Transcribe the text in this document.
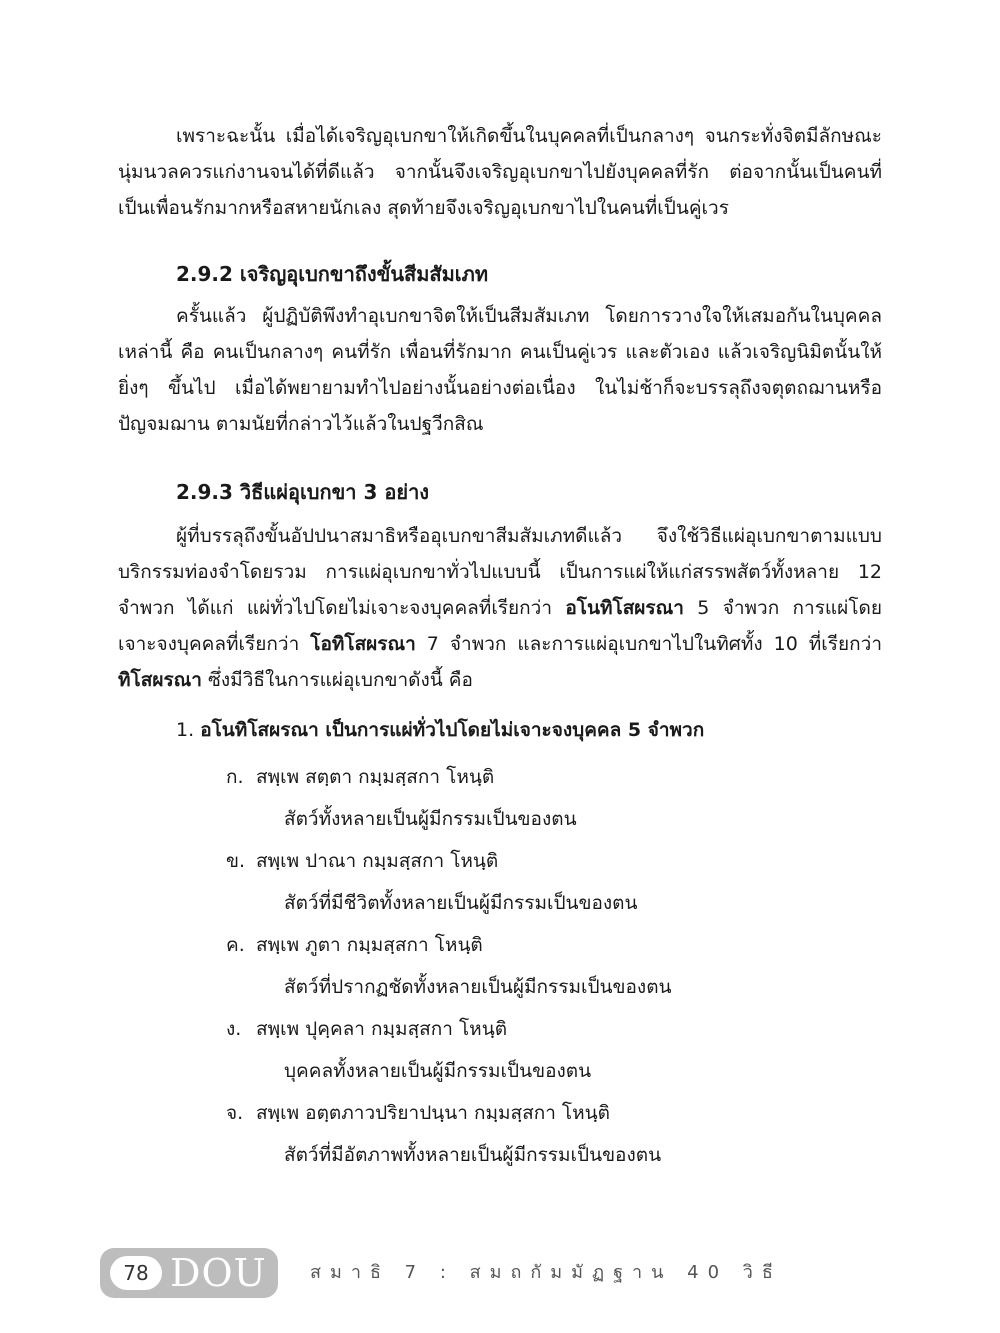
เพราะฉะนั้น เมื่อได้เจริญอุเบกขาให้เกิดขึ้นในบุคคลที่เป็นกลางๆ จนกระทั่งจิตมีลักษณะนุ่มนวลควรแก่งานจนได้ที่ดีแล้ว จากนั้นจึงเจริญอุเบกขาไปยังบุคคลที่รัก ต่อจากนั้นเป็นคนที่เป็นเพื่อนรักมากหรือสหายนักเลง สุดท้ายจึงเจริญอุเบกขาไปในคนที่เป็นคู่เวร

2.9.2 เจริญอุเบกขาถึงขั้นสีมสัมเภท

ครั้นแล้ว ผู้ปฏิบัติพึงทำอุเบกขาจิตให้เป็นสีมสัมเภท โดยการวางใจให้เสมอกันในบุคคลเหล่านี้ คือ คนเป็นกลางๆ คนที่รัก เพื่อนที่รักมาก คนเป็นคู่เวร และตัวเอง แล้วเจริญนิมิตนั้นให้ยิ่งๆ ขึ้นไป เมื่อได้พยายามทำไปอย่างนั้นอย่างต่อเนื่อง ในไม่ช้าก็จะบรรลุถึงจตุตถฌานหรือปัญจมฌาน ตามนัยที่กล่าวไว้แล้วในปฐวีกสิณ

2.9.3 วิธีแผ่อุเบกขา 3 อย่าง

ผู้ที่บรรลุถึงขั้นอัปปนาสมาธิหรืออุเบกขาสีมสัมเภทดีแล้ว จึงใช้วิธีแผ่อุเบกขาตามแบบบริกรรมท่องจำโดยรวม การแผ่อุเบกขาทั่วไปแบบนี้ เป็นการแผ่ให้แก่สรรพสัตว์ทั้งหลาย 12 จำพวก ได้แก่ แผ่ทั่วไปโดยไม่เจาะจงบุคคลที่เรียกว่า อโนทิโสผรณา 5 จำพวก การแผ่โดยเจาะจงบุคคลที่เรียกว่า โอทิโสผรณา 7 จำพวก และการแผ่อุเบกขาไปในทิศทั้ง 10 ที่เรียกว่าทิโสผรณา ซึ่งมีวิธีในการแผ่อุเบกขาดังนี้ คือ

1. อโนทิโสผรณา เป็นการแผ่ทั่วไปโดยไม่เจาะจงบุคคล 5 จำพวก
ก. สพฺเพ สตฺตา กมฺมสฺสกา โหนฺติ
สัตว์ทั้งหลายเป็นผู้มีกรรมเป็นของตน
ข. สพฺเพ ปาณา กมฺมสฺสกา โหนฺติ
สัตว์ที่มีชีวิตทั้งหลายเป็นผู้มีกรรมเป็นของตน
ค. สพฺเพ ภูตา กมฺมสฺสกา โหนฺติ
สัตว์ที่ปรากฏชัดทั้งหลายเป็นผู้มีกรรมเป็นของตน
ง. สพฺเพ ปุคฺคลา กมฺมสฺสกา โหนฺติ
บุคคลทั้งหลายเป็นผู้มีกรรมเป็นของตน
จ. สพฺเพ อตฺตภาวปริยาปนฺนา กมฺมสฺสกา โหนฺติ
สัตว์ที่มีอัตภาพทั้งหลายเป็นผู้มีกรรมเป็นของตน
78 DOU สมาธิ 7 : สมถกัมมัฏฐาน 40 วิธี
